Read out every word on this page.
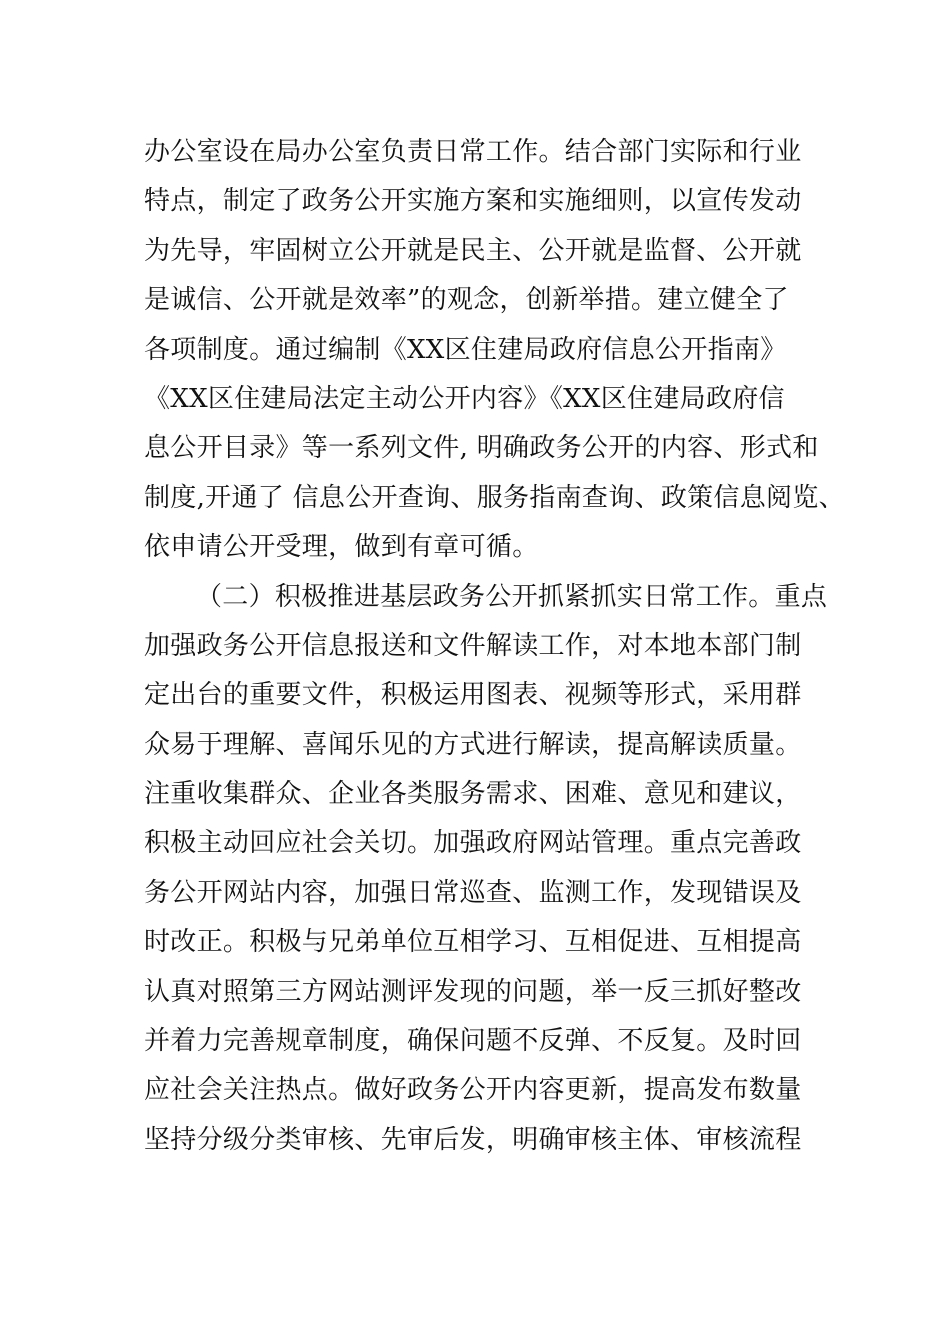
办公室设在局办公室负责日常工作。结合部门实际和行业
特点，制定了政务公开实施方案和实施细则，以宣传发动
为先导，牢固树立公开就是民主、公开就是监督、公开就
是诚信、公开就是效率”的观念，创新举措。建立健全了
各项制度。通过编制《XX区住建局政府信息公开指南》
《XX区住建局法定主动公开内容》《XX区住建局政府信
息公开目录》等一系列文件, 明确政务公开的内容、形式和
制度,开通了 信息公开查询、服务指南查询、政策信息阅览、
依申请公开受理，做到有章可循。
（二）积极推进基层政务公开抓紧抓实日常工作。重点
加强政务公开信息报送和文件解读工作，对本地本部门制
定出台的重要文件，积极运用图表、视频等形式，采用群
众易于理解、喜闻乐见的方式进行解读，提高解读质量。
注重收集群众、企业各类服务需求、困难、意见和建议，
积极主动回应社会关切。加强政府网站管理。重点完善政
务公开网站内容，加强日常巡查、监测工作，发现错误及
时改正。积极与兄弟单位互相学习、互相促进、互相提高
认真对照第三方网站测评发现的问题，举一反三抓好整改
并着力完善规章制度，确保问题不反弹、不反复。及时回
应社会关注热点。做好政务公开内容更新，提高发布数量
坚持分级分类审核、先审后发，明确审核主体、审核流程
